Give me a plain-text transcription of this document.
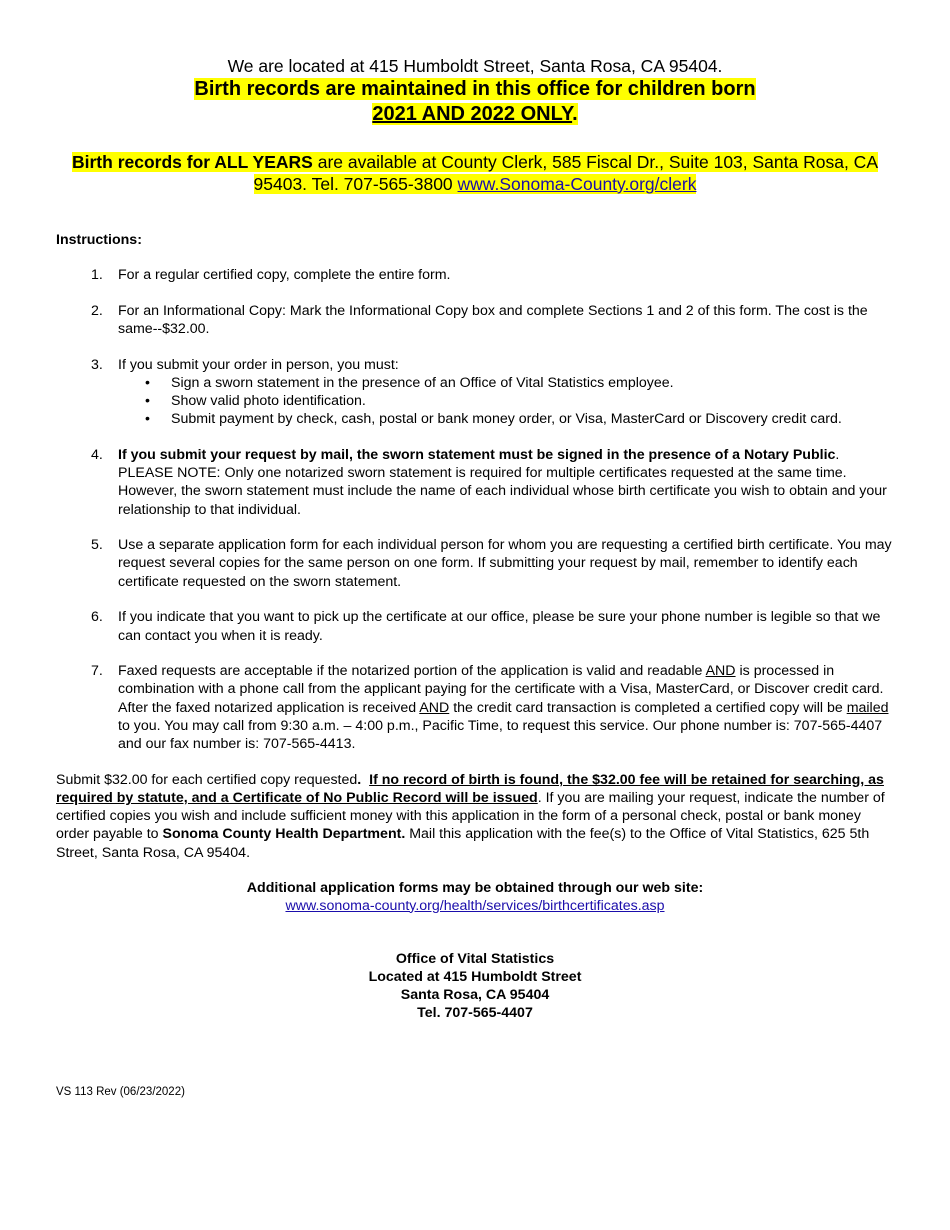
We are located at 415 Humboldt Street, Santa Rosa, CA 95404.
Birth records are maintained in this office for children born
2021 AND 2022 ONLY.
Birth records for ALL YEARS are available at County Clerk, 585 Fiscal Dr., Suite 103, Santa Rosa, CA 95403. Tel. 707-565-3800 www.Sonoma-County.org/clerk
Instructions:
1. For a regular certified copy, complete the entire form.
2. For an Informational Copy: Mark the Informational Copy box and complete Sections 1 and 2 of this form. The cost is the same--$32.00.
3. If you submit your order in person, you must:
• Sign a sworn statement in the presence of an Office of Vital Statistics employee.
• Show valid photo identification.
• Submit payment by check, cash, postal or bank money order, or Visa, MasterCard or Discovery credit card.
4. If you submit your request by mail, the sworn statement must be signed in the presence of a Notary Public. PLEASE NOTE: Only one notarized sworn statement is required for multiple certificates requested at the same time. However, the sworn statement must include the name of each individual whose birth certificate you wish to obtain and your relationship to that individual.
5. Use a separate application form for each individual person for whom you are requesting a certified birth certificate. You may request several copies for the same person on one form. If submitting your request by mail, remember to identify each certificate requested on the sworn statement.
6. If you indicate that you want to pick up the certificate at our office, please be sure your phone number is legible so that we can contact you when it is ready.
7. Faxed requests are acceptable if the notarized portion of the application is valid and readable AND is processed in combination with a phone call from the applicant paying for the certificate with a Visa, MasterCard, or Discover credit card. After the faxed notarized application is received AND the credit card transaction is completed a certified copy will be mailed to you. You may call from 9:30 a.m. – 4:00 p.m., Pacific Time, to request this service. Our phone number is: 707-565-4407 and our fax number is: 707-565-4413.
Submit $32.00 for each certified copy requested. If no record of birth is found, the $32.00 fee will be retained for searching, as required by statute, and a Certificate of No Public Record will be issued. If you are mailing your request, indicate the number of certified copies you wish and include sufficient money with this application in the form of a personal check, postal or bank money order payable to Sonoma County Health Department. Mail this application with the fee(s) to the Office of Vital Statistics, 625 5th Street, Santa Rosa, CA 95404.
Additional application forms may be obtained through our web site:
www.sonoma-county.org/health/services/birthcertificates.asp
Office of Vital Statistics
Located at 415 Humboldt Street
Santa Rosa, CA 95404
Tel. 707-565-4407
VS 113 Rev (06/23/2022)
